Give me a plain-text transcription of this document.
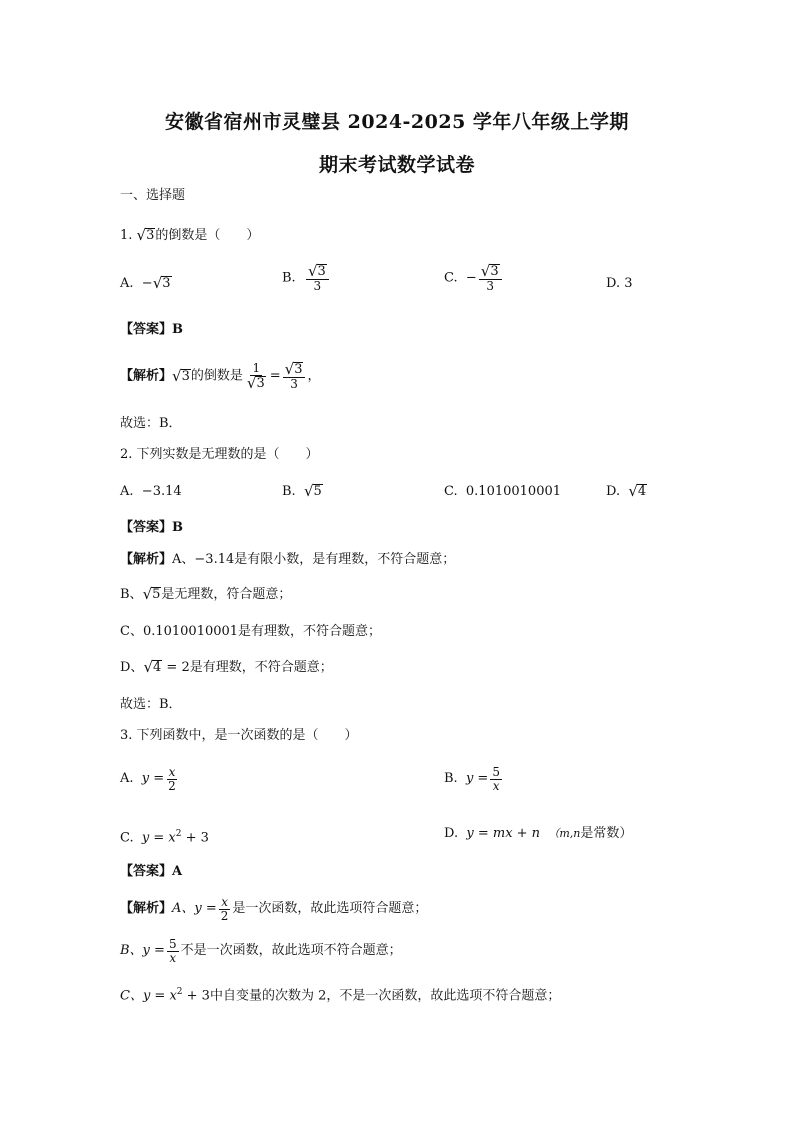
安徽省宿州市灵璧县 2024-2025 学年八年级上学期
期末考试数学试卷
一、选择题
1. √ 3 的倒数是（　　）
A. − √ 3	B. $\frac{√ 3}{3}$	C. − $\frac{√ 3}{3}$	D. 3
【答案】B
【解析】 √ 3 的倒数是 $\frac{1}{√ 3} = \frac{√ 3}{3}$ ，
故选：B．
2. 下列实数是无理数的是（　　）
A. −3.14	B. √ 5	C. 0.1010010001	D. √ 4
【答案】B
【解析】A、−3.14是有限小数，是有理数，不符合题意；
B、 √ 5 是无理数，符合题意；
C、0.1010010001是有理数，不符合题意；
D、 √ 4 = 2是有理数，不符合题意；
故选：B．
3. 下列函数中，是一次函数的是（　　）
A. $y = \frac{x}{2}$	B. $y = \frac{5}{x}$
C. $y = x^2 + 3$	D. y = mx + n （m,n是常数）
【答案】A
【解析】A、$y = \frac{x}{2}$ 是一次函数，故此选项符合题意；
B、$y = \frac{5}{x}$ 不是一次函数，故此选项不符合题意；
C、$y = x^2 + 3$中自变量的次数为 2，不是一次函数，故此选项不符合题意；
